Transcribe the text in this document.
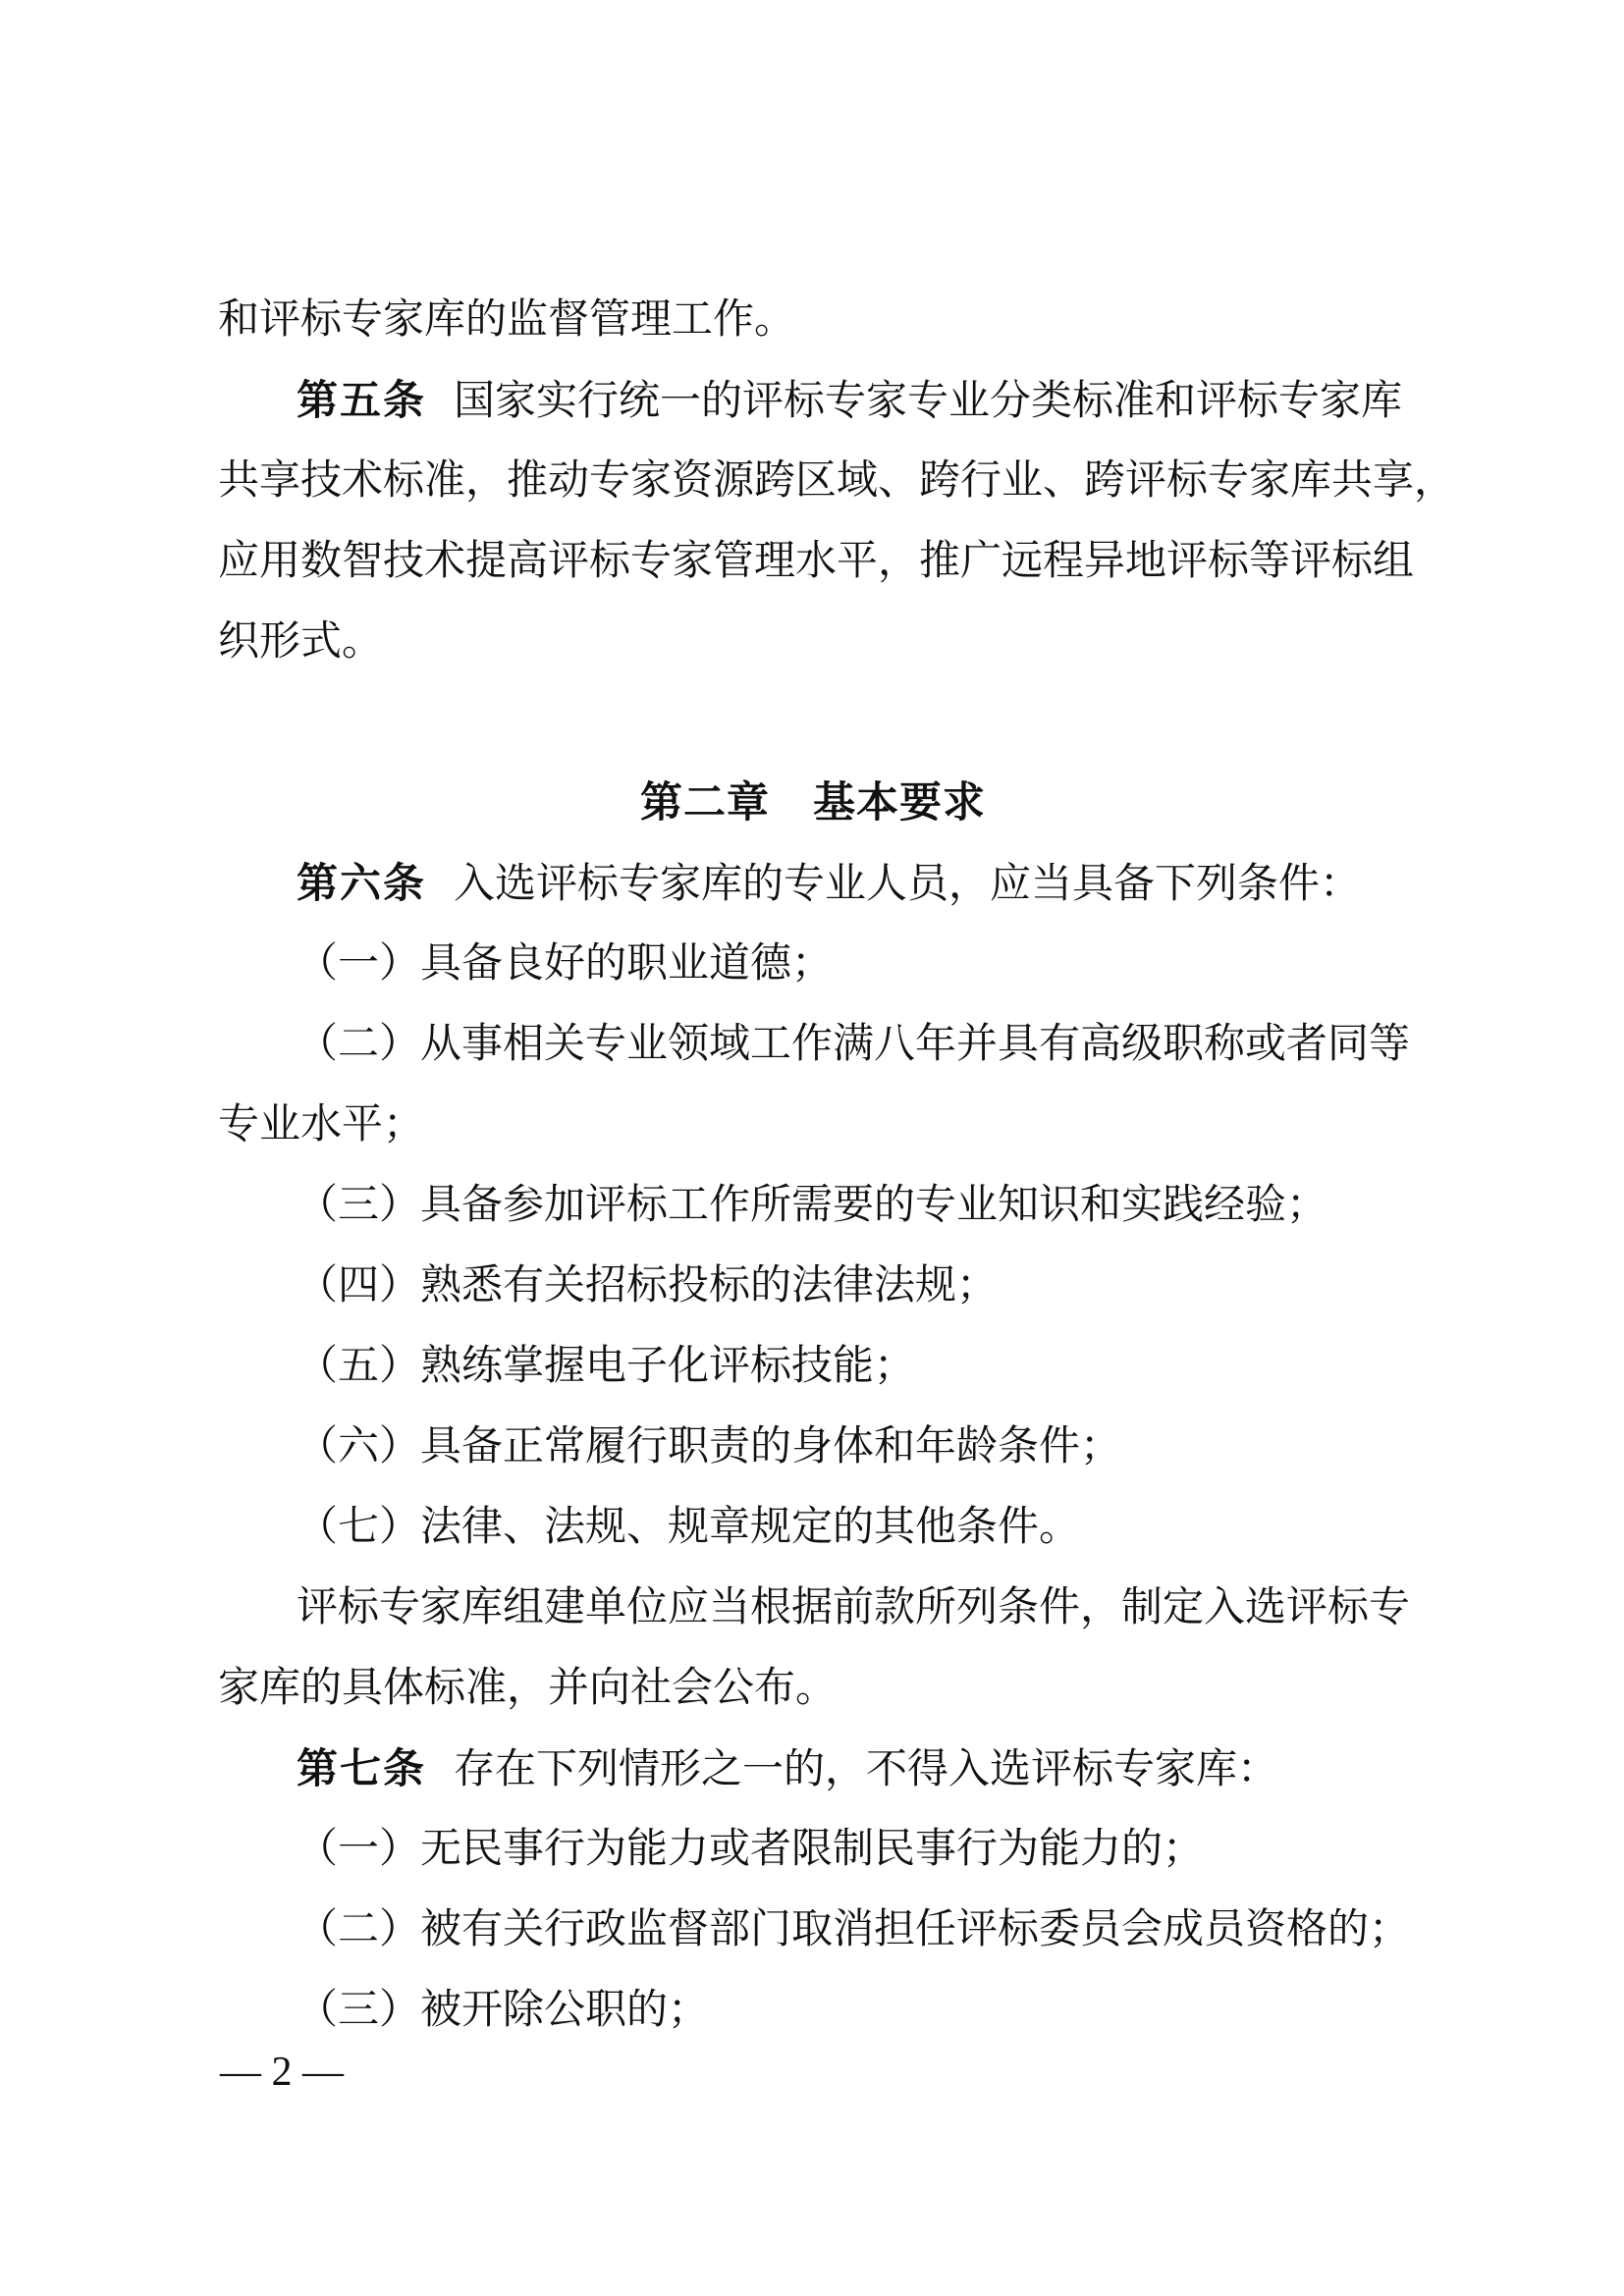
和评标专家库的监督管理工作。
第五条 国家实行统一的评标专家专业分类标准和评标专家库
共享技术标准，推动专家资源跨区域、跨行业、跨评标专家库共享，
应用数智技术提高评标专家管理水平，推广远程异地评标等评标组
织形式。
第二章　基本要求
第六条 入选评标专家库的专业人员，应当具备下列条件：
（一）具备良好的职业道德；
（二）从事相关专业领域工作满八年并具有高级职称或者同等
专业水平；
（三）具备参加评标工作所需要的专业知识和实践经验；
（四）熟悉有关招标投标的法律法规；
（五）熟练掌握电子化评标技能；
（六）具备正常履行职责的身体和年龄条件；
（七）法律、法规、规章规定的其他条件。
评标专家库组建单位应当根据前款所列条件，制定入选评标专
家库的具体标准，并向社会公布。
第七条 存在下列情形之一的，不得入选评标专家库：
（一）无民事行为能力或者限制民事行为能力的；
（二）被有关行政监督部门取消担任评标委员会成员资格的；
（三）被开除公职的；
— 2 —
